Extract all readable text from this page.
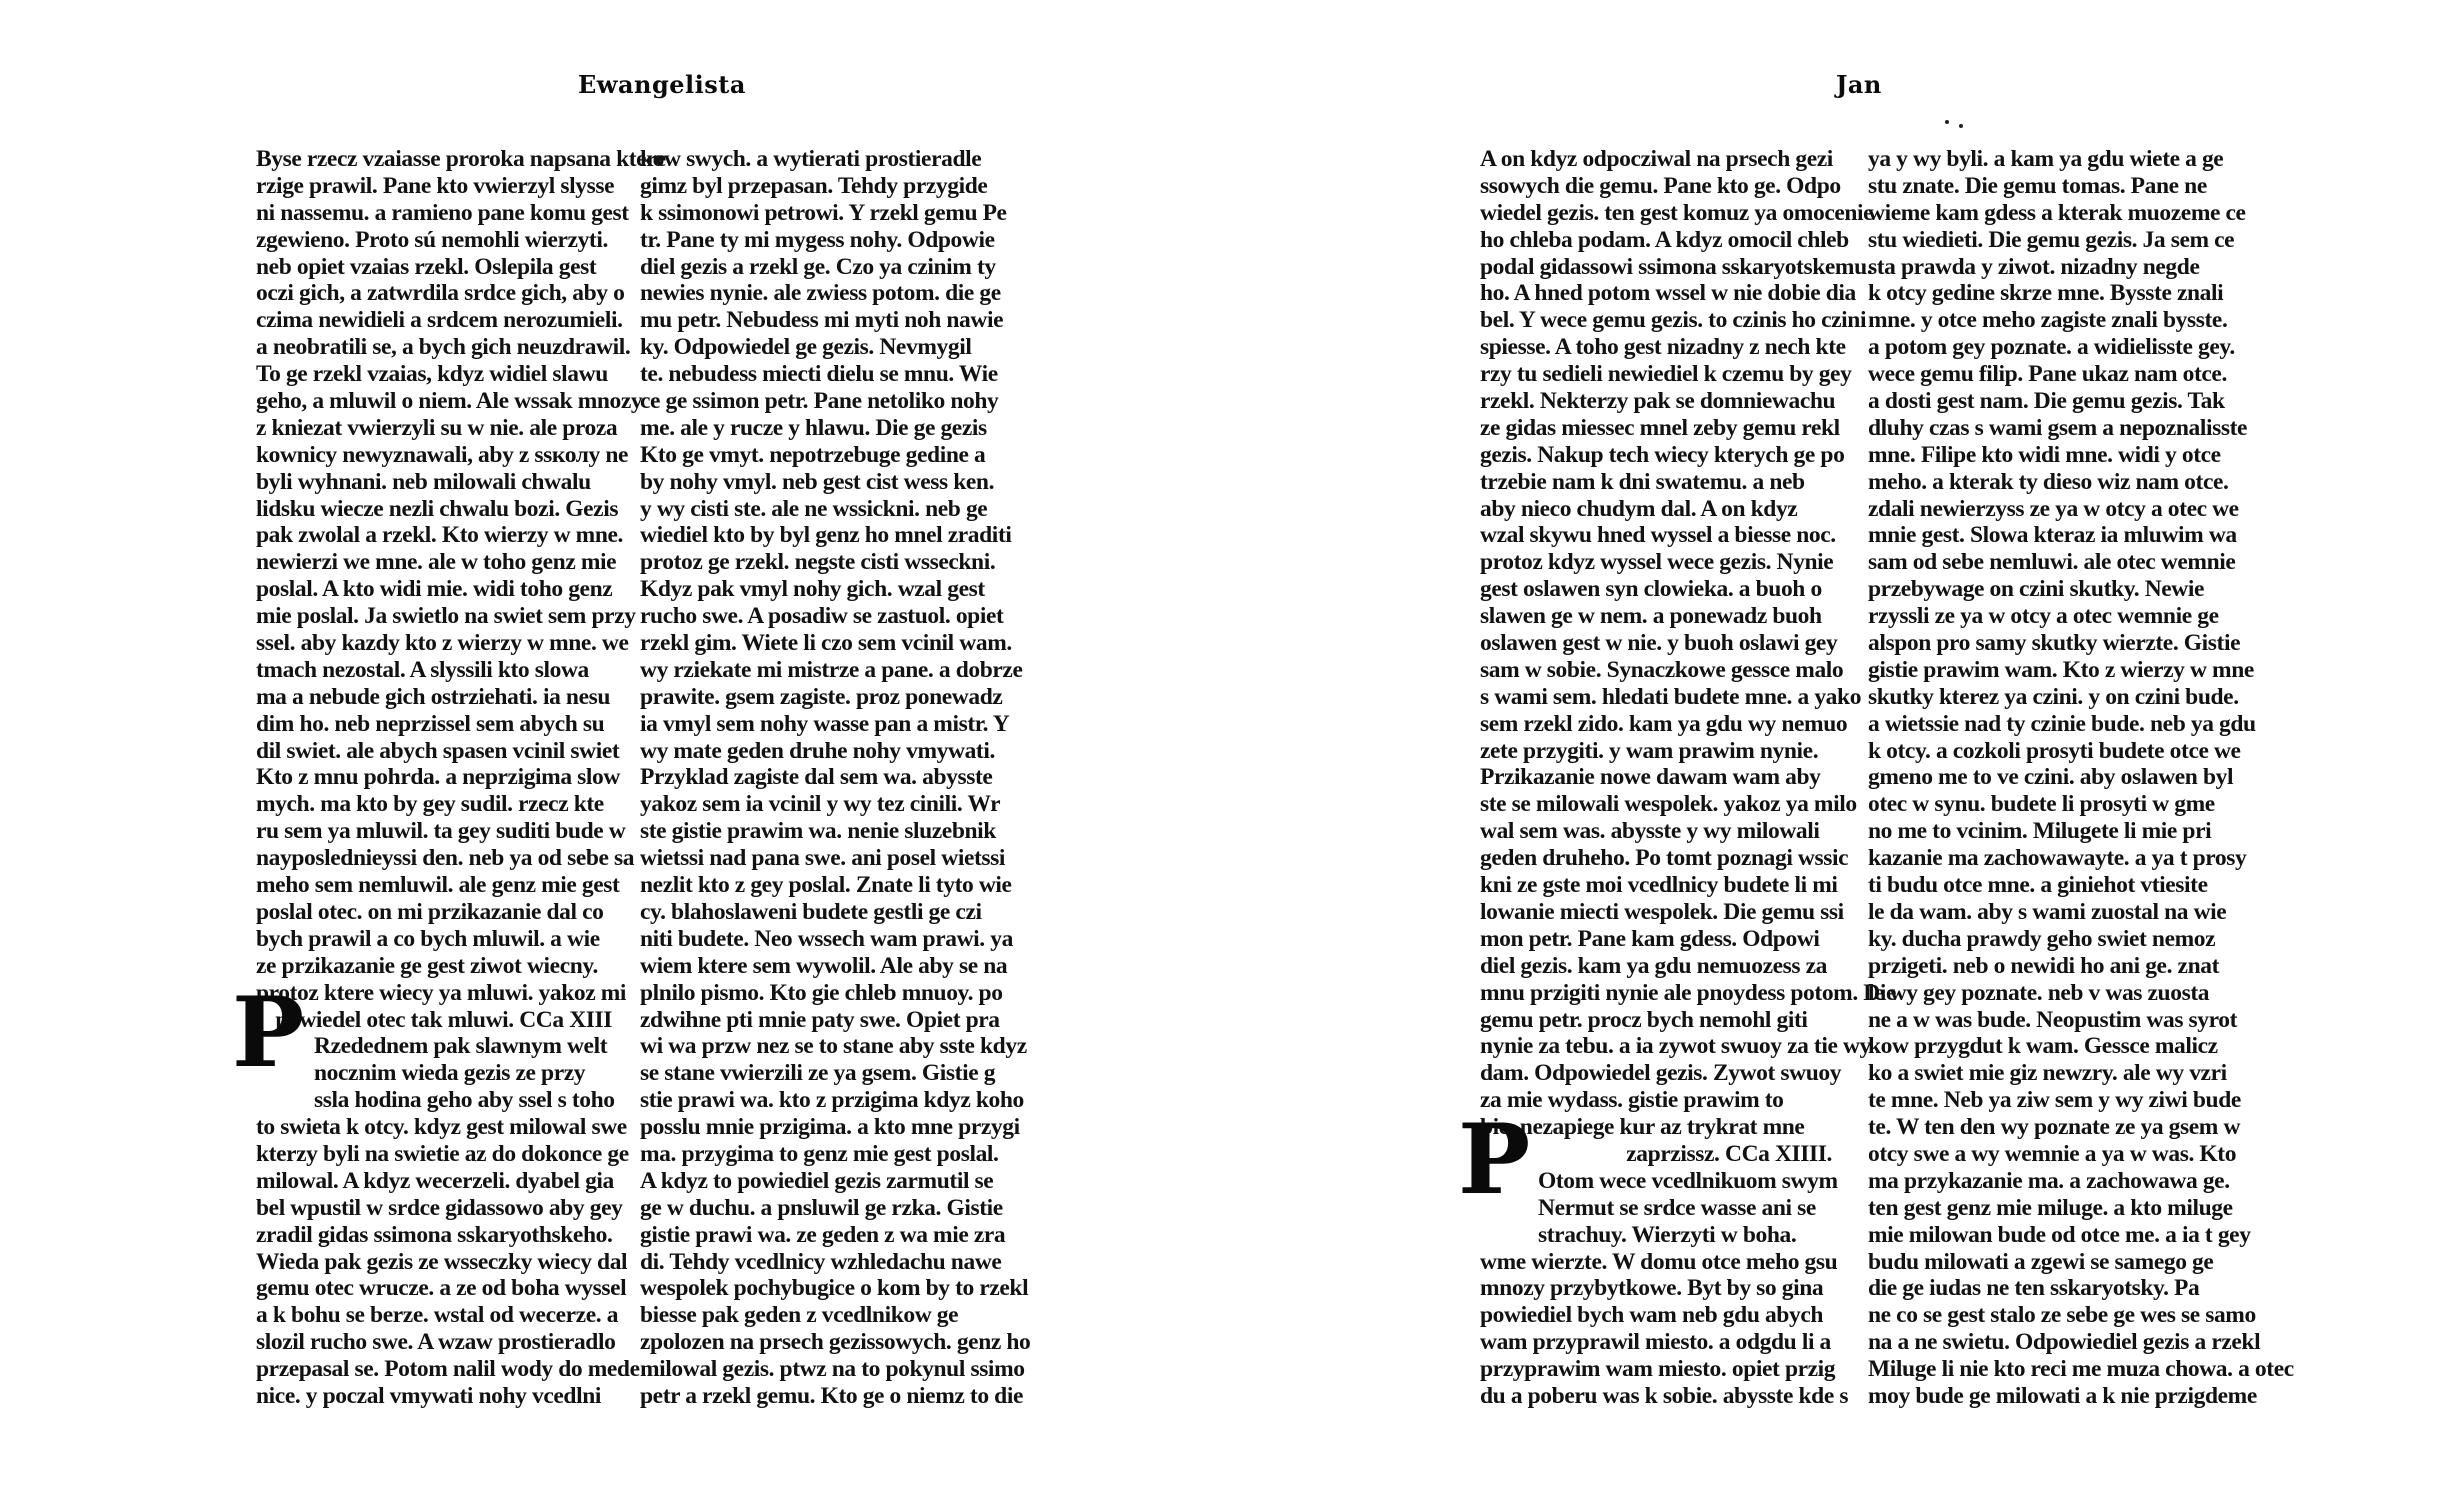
Ewangelista
Byse rzecz vzaiasse proroka napsana ktere
rzige prawil. Pane kto vwierzyl slysse
ni nassemu. a ramieno pane komu gest
zgewieno. Proto sú nemohli wierzyti.
neb opiet vzaias rzekl. Oslepila gest
oczi gich, a zatwrdila srdce gich, aby o
czima newidieli a srdcem nerozumieli.
a neobratili se, a bych gich neuzdrawil.
To ge rzekl vzaias, kdyz widiel slawu
geho, a mluwil o niem. Ale wssak mnozy
z kniezat vwierzyli su w nie. ale proza
kownicy newyznawali, aby z ssколy ne
byli wyhnani. neb milowali chwalu
lidsku wiecze nezli chwalu bozi. Gezis
pak zwolal a rzekl. Kto wierzy w mne.
newierzi we mne. ale w toho genz mie
poslal. A kto widi mie. widi toho genz
mie poslal. Ja swietlo na swiet sem przy
ssel. aby kazdy kto z wierzy w mne. we
tmach nezostal. A slyssili kto slowa
ma a nebude gich ostrziehati. ia nesu
dim ho. neb neprzissel sem abych su
dil swiet. ale abych spasen vcinil swiet
Kto z mnu pohrda. a neprzigima slow
mych. ma kto by gey sudil. rzecz kte
ru sem ya mluwil. ta gey suditi bude w
nayposlednieyssi den. neb ya od sebe sa
meho sem nemluwil. ale genz mie gest
poslal otec. on mi przikazanie dal co
bych prawil a co bych mluwil. a wie
ze przikazanie ge gest ziwot wiecny.
protoz ktere wiecy ya mluwi. yakoz mi
powiedel otec tak mluwi. CCa XIII
Rzedednem pak slawnym welt
nocznim wieda gezis ze przy
ssla hodina geho aby ssel s toho
to swieta k otcy. kdyz gest milowal swe
kterzy byli na swietie az do dokonce ge
milowal. A kdyz wecerzeli. dyabel gia
bel wpustil w srdce gidassowo aby gey
zradil gidas ssimona sskaryothskeho.
Wieda pak gezis ze wsseczky wiecy dal
gemu otec wrucze. a ze od boha wyssel
a k bohu se berze. wstal od wecerze. a
slozil rucho swe. A wzaw prostieradlo
przepasal se. Potom nalil wody do mede
nice. y poczal vmywati nohy vcedlni
kow swych. a wytierati prostieradle
gimz byl przepasan. Tehdy przygide
k ssimonowi petrowi. Y rzekl gemu Pe
tr. Pane ty mi mygess nohy. Odpowie
diel gezis a rzekl ge. Czo ya czinim ty
newies nynie. ale zwiess potom. die ge
mu petr. Nebudess mi myti noh nawie
ky. Odpowiedel ge gezis. Nevmygil
te. nebudess miecti dielu se mnu. Wie
ce ge ssimon petr. Pane netoliko nohy
me. ale y rucze y hlawu. Die ge gezis
Kto ge vmyt. nepotrzebuge gedine a
by nohy vmyl. neb gest cist wess ken.
y wy cisti ste. ale ne wssickni. neb ge
wiediel kto by byl genz ho mnel zraditi
protoz ge rzekl. negste cisti wsseckni.
Kdyz pak vmyl nohy gich. wzal gest
rucho swe. A posadiw se zastuol. opiet
rzekl gim. Wiete li czo sem vcinil wam.
wy rziekate mi mistrze a pane. a dobrze
prawite. gsem zagiste. proz ponewadz
ia vmyl sem nohy wasse pan a mistr. Y
wy mate geden druhe nohy vmywati.
Przyklad zagiste dal sem wa. abysste
yakoz sem ia vcinil y wy tez cinili. Wr
ste gistie prawim wa. nenie sluzebnik
wietssi nad pana swe. ani posel wietssi
nezlit kto z gey poslal. Znate li tyto wie
cy. blahoslaweni budete gestli ge czi
niti budete. Neo wssech wam prawi. ya
wiem ktere sem wywolil. Ale aby se na
plnilo pismo. Kto gie chleb mnuoy. po
zdwihne pti mnie paty swe. Opiet pra
wi wa przw nez se to stane aby sste kdyz
se stane vwierzili ze ya gsem. Gistie g
stie prawi wa. kto z przigima kdyz koho
posslu mnie przigima. a kto mne przygi
ma. przygima to genz mie gest poslal.
A kdyz to powiediel gezis zarmutil se
ge w duchu. a pnsluwil ge rzka. Gistie
gistie prawi wa. ze geden z wa mie zra
di. Tehdy vcedlnicy wzhledachu nawe
wespolek pochybugice o kom by to rzekl
biesse pak geden z vcedlnikow ge
zpolozen na prsech gezissowych. genz ho
milowal gezis. ptwz na to pokynul ssimo
petr a rzekl gemu. Kto ge o niemz to die
P
Jan
A on kdyz odpocziwal na prsech gezi
ssowych die gemu. Pane kto ge. Odpo
wiedel gezis. ten gest komuz ya omocenie
ho chleba podam. A kdyz omocil chleb
podal gidassowi ssimona sskaryotskemu.
ho. A hned potom wssel w nie dobie dia
bel. Y wece gemu gezis. to czinis ho czini
spiesse. A toho gest nizadny z nech kte
rzy tu sedieli newiediel k czemu by gey
rzekl. Nekterzy pak se domniewachu
ze gidas miessec mnel zeby gemu rekl
gezis. Nakup tech wiecy kterych ge po
trzebie nam k dni swatemu. a neb
aby nieco chudym dal. A on kdyz
wzal skywu hned wyssel a biesse noc.
protoz kdyz wyssel wece gezis. Nynie
gest oslawen syn clowieka. a buoh o
slawen ge w nem. a ponewadz buoh
oslawen gest w nie. y buoh oslawi gey
sam w sobie. Synaczkowe gessce malo
s wami sem. hledati budete mne. a yako
sem rzekl zido. kam ya gdu wy nemuo
zete przygiti. y wam prawim nynie.
Przikazanie nowe dawam wam aby
ste se milowali wespolek. yakoz ya milo
wal sem was. abysste y wy milowali
geden druheho. Po tomt poznagi wssic
kni ze gste moi vcedlnicy budete li mi
lowanie miecti wespolek. Die gemu ssi
mon petr. Pane kam gdess. Odpowi
diel gezis. kam ya gdu nemuozess za
mnu przigiti nynie ale pnoydess potom. Die
gemu petr. procz bych nemohl giti
nynie za tebu. a ia zywot swuoy za tie wy
dam. Odpowiedel gezis. Zywot swuoy
za mie wydass. gistie prawim to
bie. nezapiege kur az trykrat mne
zaprzissz. CCa XIIII.
Otom wece vcedlnikuom swym
Nermut se srdce wasse ani se
strachuy. Wierzyti w boha.
wme wierzte. W domu otce meho gsu
mnozy przybytkowe. Byt by so gina
powiediel bych wam neb gdu abych
wam przyprawil miesto. a odgdu li a
przyprawim wam miesto. opiet przig
du a poberu was k sobie. abysste kde s
ya y wy byli. a kam ya gdu wiete a ge
stu znate. Die gemu tomas. Pane ne
wieme kam gdess a kterak muozeme ce
stu wiedieti. Die gemu gezis. Ja sem ce
sta prawda y ziwot. nizadny negde
k otcy gedine skrze mne. Bysste znali
mne. y otce meho zagiste znali bysste.
a potom gey poznate. a widielisste gey.
wece gemu filip. Pane ukaz nam otce.
a dosti gest nam. Die gemu gezis. Tak
dluhy czas s wami gsem a nepoznalisste
mne. Filipe kto widi mne. widi y otce
meho. a kterak ty dieso wiz nam otce.
zdali newierzyss ze ya w otcy a otec we
mnie gest. Slowa kteraz ia mluwim wa
sam od sebe nemluwi. ale otec wemnie
przebywage on czini skutky. Newie
rzyssli ze ya w otcy a otec wemnie ge
alspon pro samy skutky wierzte. Gistie
gistie prawim wam. Kto z wierzy w mne
skutky kterez ya czini. y on czini bude.
a wietssie nad ty czinie bude. neb ya gdu
k otcy. a cozkoli prosyti budete otce we
gmeno me to ve czini. aby oslawen byl
otec w synu. budete li prosyti w gme
no me to vcinim. Milugete li mie pri
kazanie ma zachowawayte. a ya t prosy
ti budu otce mne. a giniehot vtiesite
le da wam. aby s wami zuostal na wie
ky. ducha prawdy geho swiet nemoz
przigeti. neb o newidi ho ani ge. znat
le wy gey poznate. neb v was zuosta
ne a w was bude. Neopustim was syrot
kow przygdut k wam. Gessce malicz
ko a swiet mie giz newzry. ale wy vzri
te mne. Neb ya ziw sem y wy ziwi bude
te. W ten den wy poznate ze ya gsem w
otcy swe a wy wemnie a ya w was. Kto
ma przykazanie ma. a zachowawa ge.
ten gest genz mie miluge. a kto miluge
mie milowan bude od otce me. a ia t gey
budu milowati a zgewi se samego ge
die ge iudas ne ten sskaryotsky. Pa
ne co se gest stalo ze sebe ge wes se samo
na a ne swietu. Odpowiediel gezis a rzekl
Miluge li nie kto reci me muza chowa. a otec
moy bude ge milowati a k nie przigdeme
P
